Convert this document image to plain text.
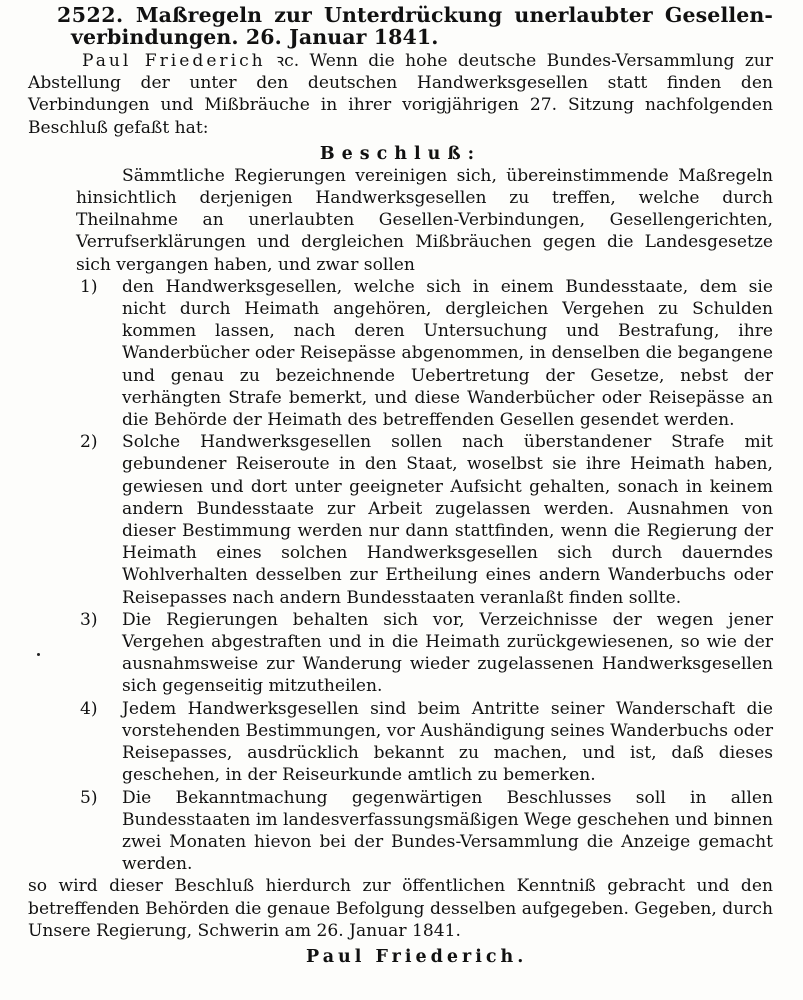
2522. Maßregeln zur Unterdrückung unerlaubter Gesellen-verbindungen. 26. Januar 1841.

Paul Friederich ꝛc. Wenn die hohe deutsche Bundes-Versammlung zur Abstellung der unter den deutschen Handwerksgesellen statt finden den Verbindungen und Mißbräuche in ihrer vorigjährigen 27. Sitzung nachfolgenden Beschluß gefaßt hat:

Beschluß:

Sämmtliche Regierungen vereinigen sich, übereinstimmende Maßregeln hinsichtlich derjenigen Handwerksgesellen zu treffen, welche durch Theilnahme an unerlaubten Gesellen-Verbindungen, Gesellengerichten, Verrufserklärungen und dergleichen Mißbräuchen gegen die Landesgesetze sich vergangen haben, und zwar sollen

1)	den Handwerksgesellen, welche sich in einem Bundesstaate, dem sie nicht durch Heimath angehören, dergleichen Vergehen zu Schulden kommen lassen, nach deren Untersuchung und Bestrafung, ihre Wanderbücher oder Reisepässe abgenommen, in denselben die begangene und genau zu bezeichnende Uebertretung der Gesetze, nebst der verhängten Strafe bemerkt, und diese Wanderbücher oder Reisepässe an die Behörde der Heimath des betreffenden Gesellen gesendet werden.
2)	Solche Handwerksgesellen sollen nach überstandener Strafe mit gebundener Reiseroute in den Staat, woselbst sie ihre Heimath haben, gewiesen und dort unter geeigneter Aufsicht gehalten, sonach in keinem andern Bundesstaate zur Arbeit zugelassen werden. Ausnahmen von dieser Bestimmung werden nur dann stattfinden, wenn die Regierung der Heimath eines solchen Handwerksgesellen sich durch dauerndes Wohlverhalten desselben zur Ertheilung eines andern Wanderbuchs oder Reisepasses nach andern Bundesstaaten veranlaßt finden sollte.
3)	Die Regierungen behalten sich vor, Verzeichnisse der wegen jener Vergehen abgestraften und in die Heimath zurückgewiesenen, so wie der ausnahmsweise zur Wanderung wieder zugelassenen Handwerksgesellen sich gegenseitig mitzutheilen.
4)	Jedem Handwerksgesellen sind beim Antritte seiner Wanderschaft die vorstehenden Bestimmungen, vor Aushändigung seines Wanderbuchs oder Reisepasses, ausdrücklich bekannt zu machen, und ist, daß dieses geschehen, in der Reiseurkunde amtlich zu bemerken.
5)	Die Bekanntmachung gegenwärtigen Beschlusses soll in allen Bundesstaaten im landesverfassungsmäßigen Wege geschehen und binnen zwei Monaten hievon bei der Bundes-Versammlung die Anzeige gemacht werden.

so wird dieser Beschluß hierdurch zur öffentlichen Kenntniß gebracht und den betreffenden Behörden die genaue Befolgung desselben aufgegeben. Gegeben, durch Unsere Regierung, Schwerin am 26. Januar 1841.

Paul Friederich.
